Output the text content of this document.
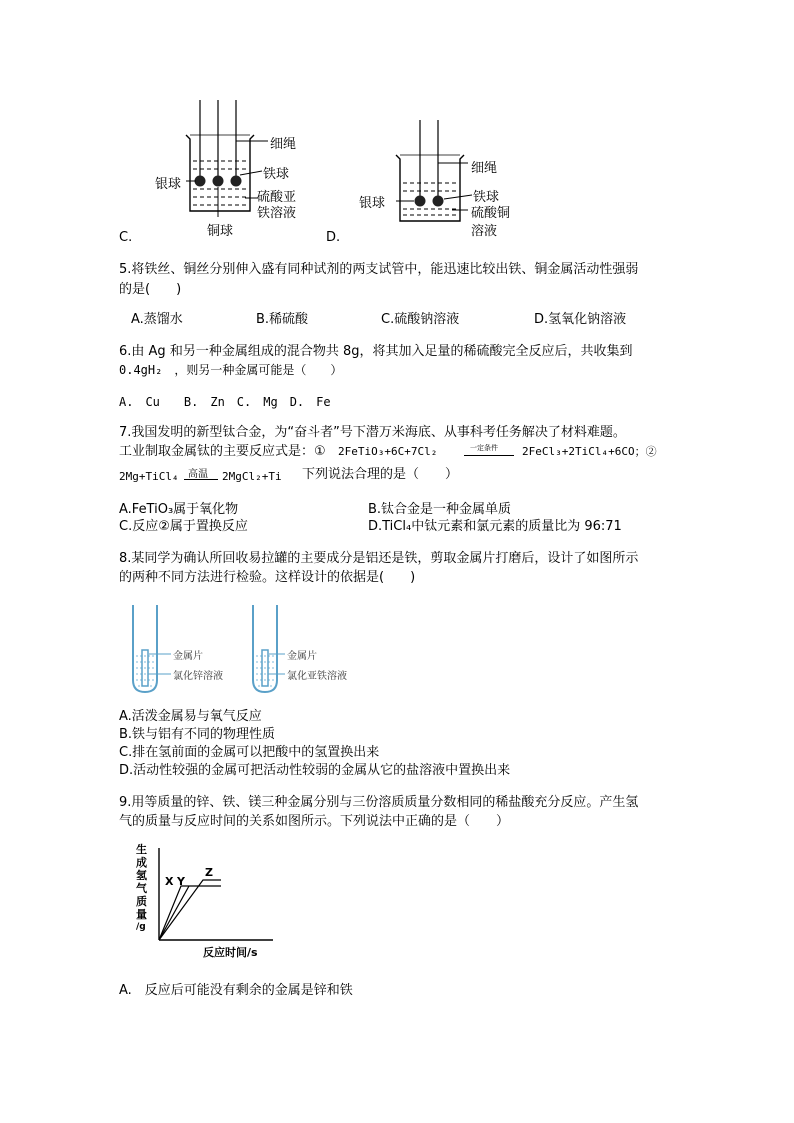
细绳
铁球
银球
硫酸亚
铁溶液
铜球
C.
细绳
铁球
银球
硫酸铜
溶液
D.
5.将铁丝、铜丝分别伸入盛有同种试剂的两支试管中，能迅速比较出铁、铜金属活动性强弱
的是(　　)
A.蒸馏水	B.稀硫酸	C.硫酸钠溶液	D.氢氧化钠溶液
6.由 Ag 和另一种金属组成的混合物共 8g，将其加入足量的稀硫酸完全反应后，共收集到
0.4gH₂　，则另一种金属可能是（　　）
A.　Cu　　B.　Zn　C.　Mg　D.　Fe
7.我国发明的新型钛合金，为“奋斗者”号下潜万米海底、从事科考任务解决了材料难题。
工业制取金属钛的主要反应式是：① 2FeTiO₃+6C+7Cl₂	一定条件 2FeCl₃+2TiCl₄+6CO；②
2Mg+TiCl₄ 高温 2MgCl₂+Ti 下列说法合理的是（　　）
A.FeTiO₃属于氧化物	B.钛合金是一种金属单质
C.反应②属于置换反应	D.TiCl₄中钛元素和氯元素的质量比为 96:71
8.某同学为确认所回收易拉罐的主要成分是铝还是铁，剪取金属片打磨后，设计了如图所示
的两种不同方法进行检验。这样设计的依据是(　　)
金属片
氯化锌溶液
金属片
氯化亚铁溶液
A.活泼金属易与氧气反应
B.铁与铝有不同的物理性质
C.排在氢前面的金属可以把酸中的氢置换出来
D.活动性较强的金属可把活动性较弱的金属从它的盐溶液中置换出来
9.用等质量的锌、铁、镁三种金属分别与三份溶质质量分数相同的稀盐酸充分反应。产生氢
气的质量与反应时间的关系如图所示。下列说法中正确的是（　　）
生
成
氢
气
质
量
/g
X Y
Z
反应时间/s
A.　反应后可能没有剩余的金属是锌和铁
